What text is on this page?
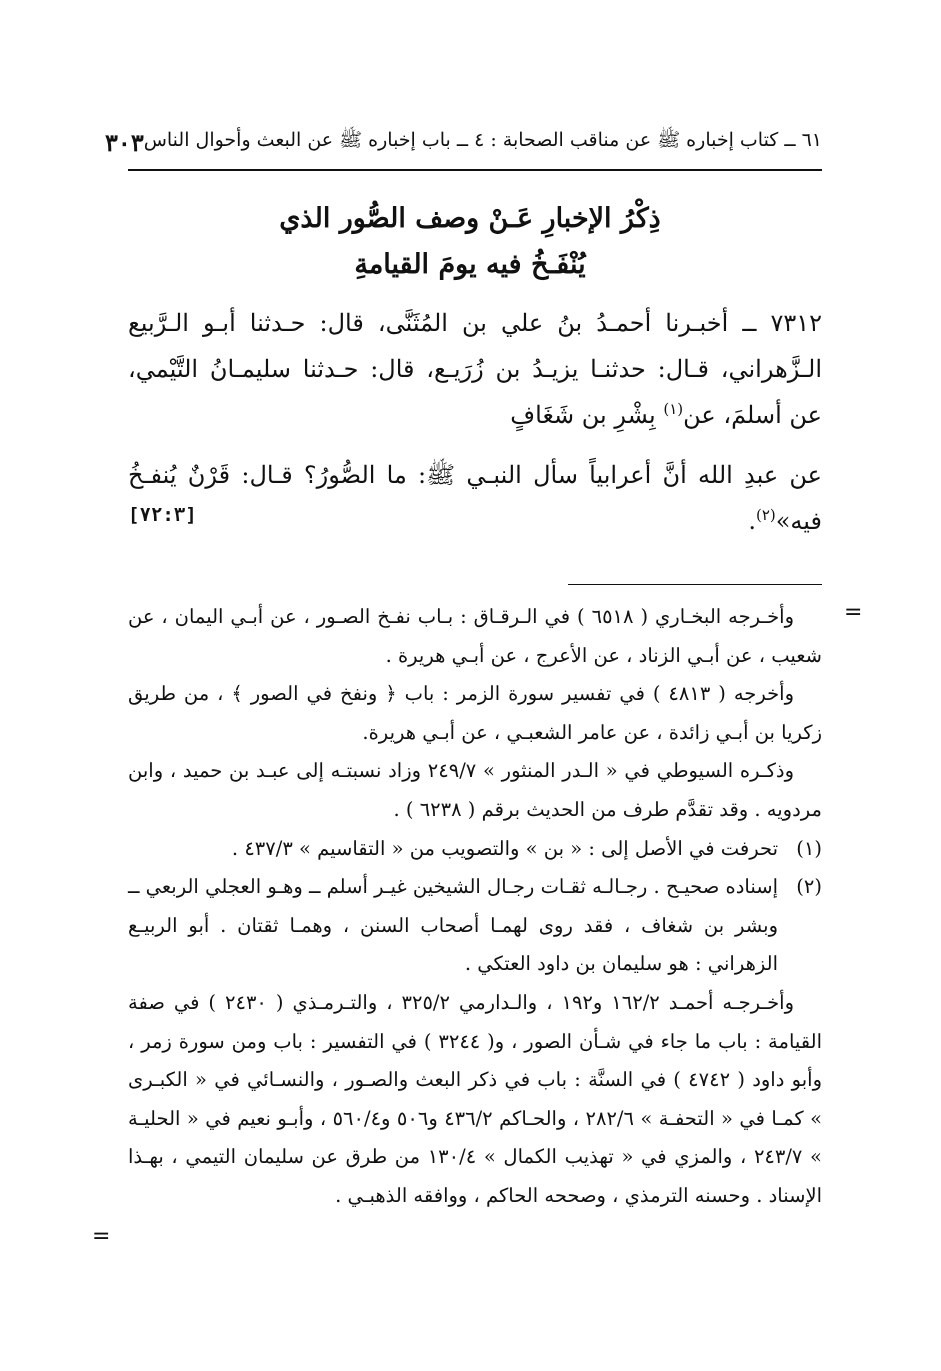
٦١ ــ كتاب إخباره ﷺ عن مناقب الصحابة : ٤ ــ باب إخباره ﷺ عن البعث وأحوال الناس
٣٠٣
ذِكْرُ الإخبارِ عَـنْ وصف الصُّور الذي
يُنْفَـخُ فيه يومَ القيامةِ

٧٣١٢ ــ أخبـرنا أحمـدُ بنُ علي بن المُثَنَّى، قال: حـدثنا أبـو الـرَّبيع الـزَّهراني، قـال: حدثنـا يزيـدُ بن زُرَيـع، قال: حـدثنا سليمـانُ التَّيْمي، عن أسلمَ، عن$^{(١)}$ بِشْرِ بن شَغَافٍ

عن عبدِ الله أنَّ أعرابياً سأل النبـي ﷺ: ما الصُّورُ؟ قـال: قَرْنٌ يُنفـخُ فيه»$^{(٢)}$.
[٧٢:٣]

وأخـرجه البخـاري ( ٦٥١٨ ) في الـرقـاق : بـاب نفـخ الصـور ، عن أبـي اليمان ، عن شعيب ، عن أبـي الزناد ، عن الأعرج ، عن أبـي هريرة .

وأخرجه ( ٤٨١٣ ) في تفسير سورة الزمر : باب ﴿ ونفخ في الصور ﴾ ، من طريق زكريا بن أبـي زائدة ، عن عامر الشعبـي ، عن أبـي هريرة.

وذكـره السيوطي في « الـدر المنثور » ٢٤٩/٧ وزاد نسبتـه إلى عبـد بن حميد ، وابن مردويه . وقد تقدَّم طرف من الحديث برقم ( ٦٢٣٨ ) .

(١)
تحرفت في الأصل إلى : « بن » والتصويب من « التقاسيم » ٤٣٧/٣ .
(٢)
إسناده صحيـح . رجـالـه ثقـات رجـال الشيخين غيـر أسلم ــ وهـو العجلي الربعي ــ وبشر بن شغاف ، فقد روى لهمـا أصحاب السنن ، وهمـا ثقتان . أبو الربيـع الزهراني : هو سليمان بن داود العتكي .

وأخـرجـه أحمـد ١٦٢/٢ و١٩٢ ، والـدارمي ٣٢٥/٢ ، والتـرمـذي ( ٢٤٣٠ ) في صفة القيامة : باب ما جاء في شـأن الصور ، و( ٣٢٤٤ ) في التفسير : باب ومن سورة زمر ، وأبو داود ( ٤٧٤٢ ) في السنَّة : باب في ذكر البعث والصـور ، والنسـائي في « الكبـرى » كمـا في « التحفـة » ٢٨٢/٦ ، والحـاكم ٤٣٦/٢ و٥٠٦ و٥٦٠/٤ ، وأبـو نعيم في « الحليـة » ٢٤٣/٧ ، والمزي في « تهذيب الكمال » ١٣٠/٤ من طرق عن سليمان التيمي ، بهـذا الإسناد . وحسنه الترمذي ، وصححه الحاكم ، ووافقه الذهبـي .

=
=
